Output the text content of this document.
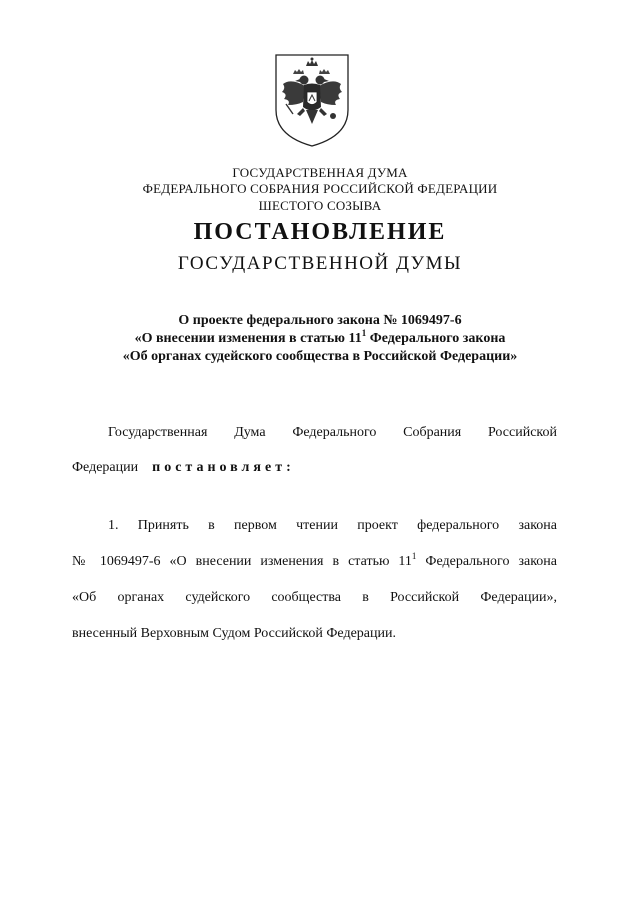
ГОСУДАРСТВЕННАЯ ДУМА
ФЕДЕРАЛЬНОГО СОБРАНИЯ РОССИЙСКОЙ ФЕДЕРАЦИИ
ШЕСТОГО СОЗЫВА
ПОСТАНОВЛЕНИЕ
ГОСУДАРСТВЕННОЙ ДУМЫ
О проекте федерального закона № 1069497-6
«О внесении изменения в статью $11^1$ Федерального закона
«Об органах судейского сообщества в Российской Федерации»
Государственная Дума Федерального Собрания Российской
Федерации постановляет:
1. Принять в первом чтении проект федерального закона
№ 1069497-6 «О внесении изменения в статью $11^1$ Федерального закона
«Об органах судейского сообщества в Российской Федерации»,
внесенный Верховным Судом Российской Федерации.
